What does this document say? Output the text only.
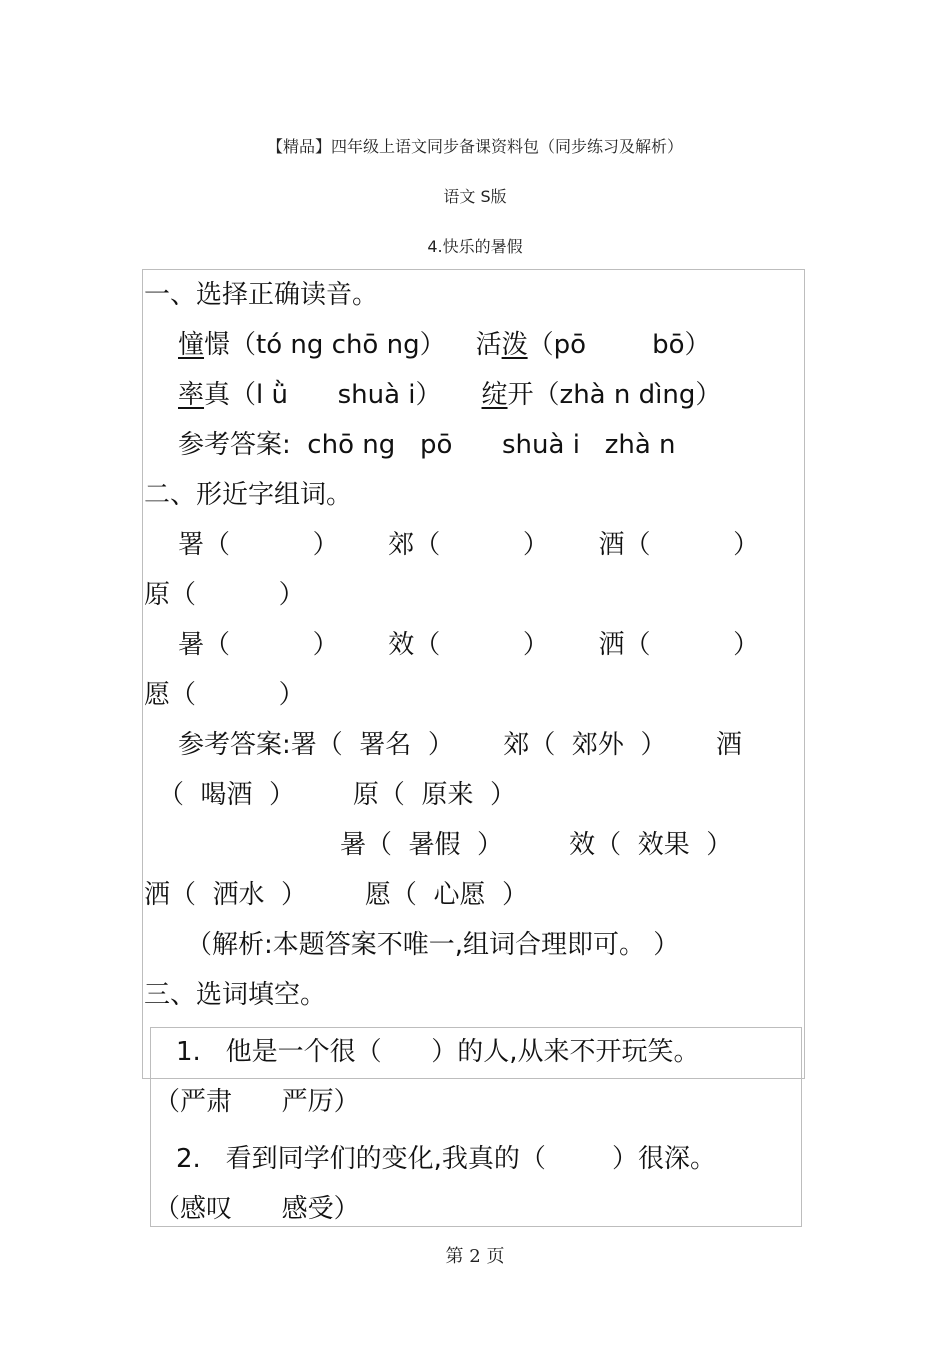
【精品】四年级上语文同步备课资料包（同步练习及解析）
语文 S版
4.快乐的暑假
一、选择正确读音。
憧憬（tó ng chō ng） 活泼（pō        bō）
率真（l ǜ      shuà i） 绽开（zhà n dìng）
参考答案:  chō ng   pō      shuà i   zhà n
二、形近字组词。
署（          ）      郊（          ）      酒（          ）
原（          ）
暑（          ）      效（          ）      洒（          ）
愿（          ）
参考答案:署（  署名  ）      郊（  郊外  ）      酒
（  喝酒  ）       原（  原来  ）
暑（  暑假  ）        效（  效果  ）
洒（  洒水  ）       愿（  心愿  ）
（解析:本题答案不唯一,组词合理即可。 ）
三、选词填空。
1.   他是一个很（      ）的人,从来不开玩笑。
（严肃      严厉）
2.   看到同学们的变化,我真的（        ）很深。
（感叹      感受）
第 2 页
